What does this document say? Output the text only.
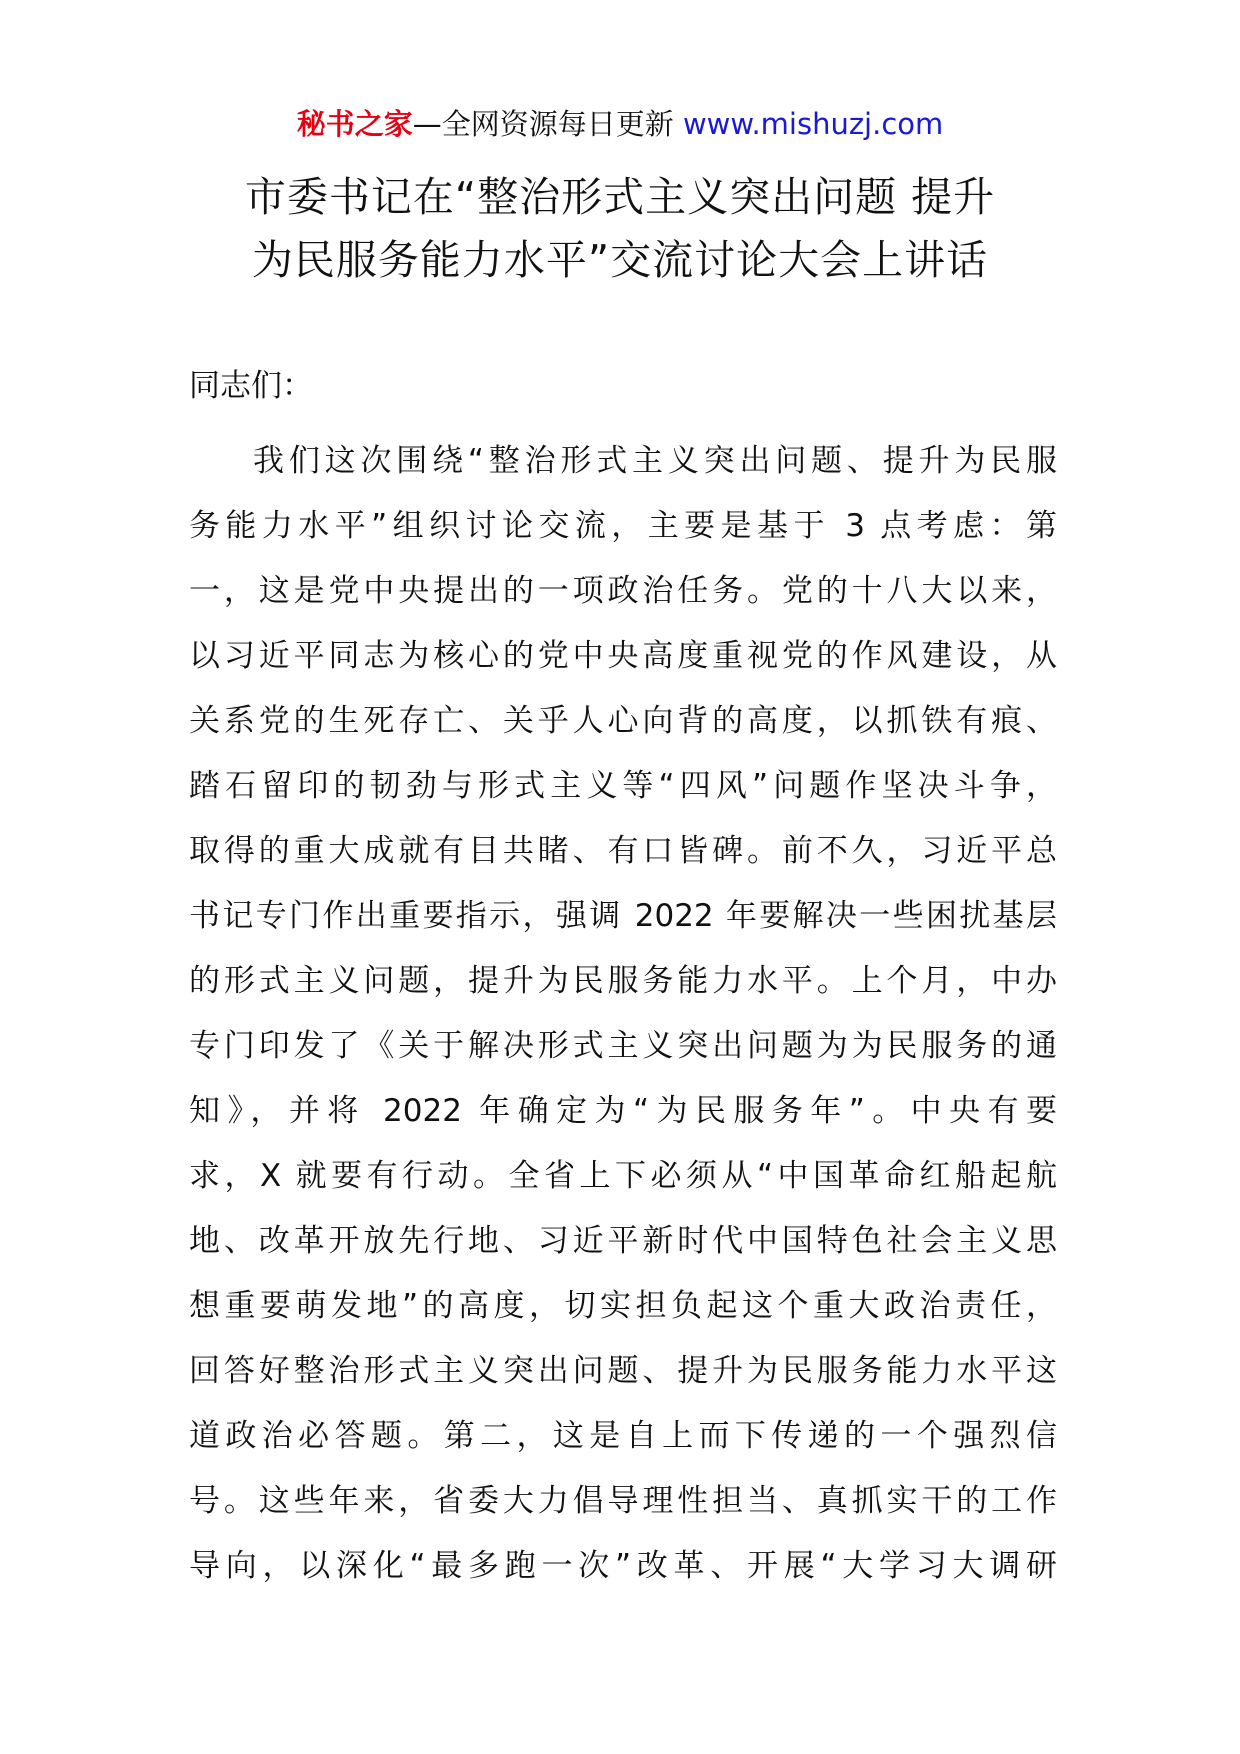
秘书之家—全网资源每日更新 www.mishuzj.com
市委书记在“整治形式主义突出问题 提升
为民服务能力水平”交流讨论大会上讲话

同志们：

我们这次围绕“整治形式主义突出问题、提升为民服
务能力水平”组织讨论交流，主要是基于 3 点考虑：第
一，这是党中央提出的一项政治任务。党的十八大以来，
以习近平同志为核心的党中央高度重视党的作风建设，从
关系党的生死存亡、关乎人心向背的高度，以抓铁有痕、
踏石留印的韧劲与形式主义等“四风”问题作坚决斗争，
取得的重大成就有目共睹、有口皆碑。前不久，习近平总
书记专门作出重要指示，强调 2022 年要解决一些困扰基层
的形式主义问题，提升为民服务能力水平。上个月，中办
专门印发了《关于解决形式主义突出问题为为民服务的通
知》，并将 2022 年确定为“为民服务年”。中央有要
求，X 就要有行动。全省上下必须从“中国革命红船起航
地、改革开放先行地、习近平新时代中国特色社会主义思
想重要萌发地”的高度，切实担负起这个重大政治责任，
回答好整治形式主义突出问题、提升为民服务能力水平这
道政治必答题。第二，这是自上而下传递的一个强烈信
号。这些年来，省委大力倡导理性担当、真抓实干的工作
导向，以深化“最多跑一次”改革、开展“大学习大调研
